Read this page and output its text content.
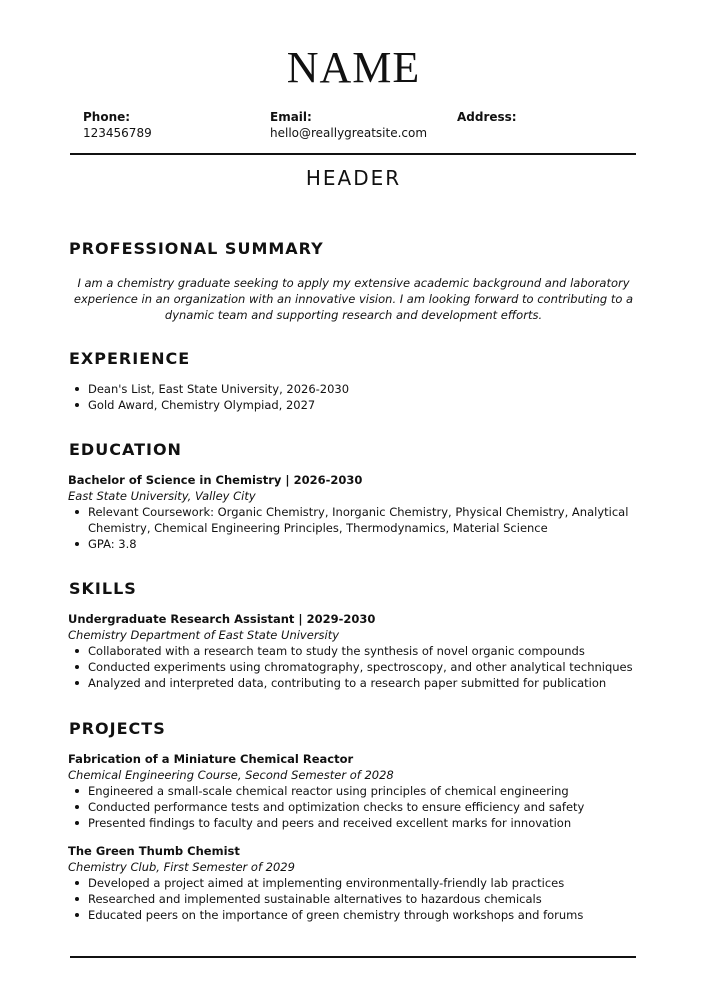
NAME
Phone:
123456789
Email:
hello@reallygreatsite.com
Address:
HEADER
PROFESSIONAL SUMMARY
I am a chemistry graduate seeking to apply my extensive academic background and laboratory experience in an organization with an innovative vision. I am looking forward to contributing to a dynamic team and supporting research and development efforts.
EXPERIENCE
Dean's List, East State University, 2026-2030
Gold Award, Chemistry Olympiad, 2027
EDUCATION
Bachelor of Science in Chemistry | 2026-2030
East State University, Valley City
Relevant Coursework: Organic Chemistry, Inorganic Chemistry, Physical Chemistry, Analytical Chemistry, Chemical Engineering Principles, Thermodynamics, Material Science
GPA: 3.8
SKILLS
Undergraduate Research Assistant | 2029-2030
Chemistry Department of East State University
Collaborated with a research team to study the synthesis of novel organic compounds
Conducted experiments using chromatography, spectroscopy, and other analytical techniques
Analyzed and interpreted data, contributing to a research paper submitted for publication
PROJECTS
Fabrication of a Miniature Chemical Reactor
Chemical Engineering Course, Second Semester of 2028
Engineered a small-scale chemical reactor using principles of chemical engineering
Conducted performance tests and optimization checks to ensure efficiency and safety
Presented findings to faculty and peers and received excellent marks for innovation
The Green Thumb Chemist
Chemistry Club, First Semester of 2029
Developed a project aimed at implementing environmentally-friendly lab practices
Researched and implemented sustainable alternatives to hazardous chemicals
Educated peers on the importance of green chemistry through workshops and forums
